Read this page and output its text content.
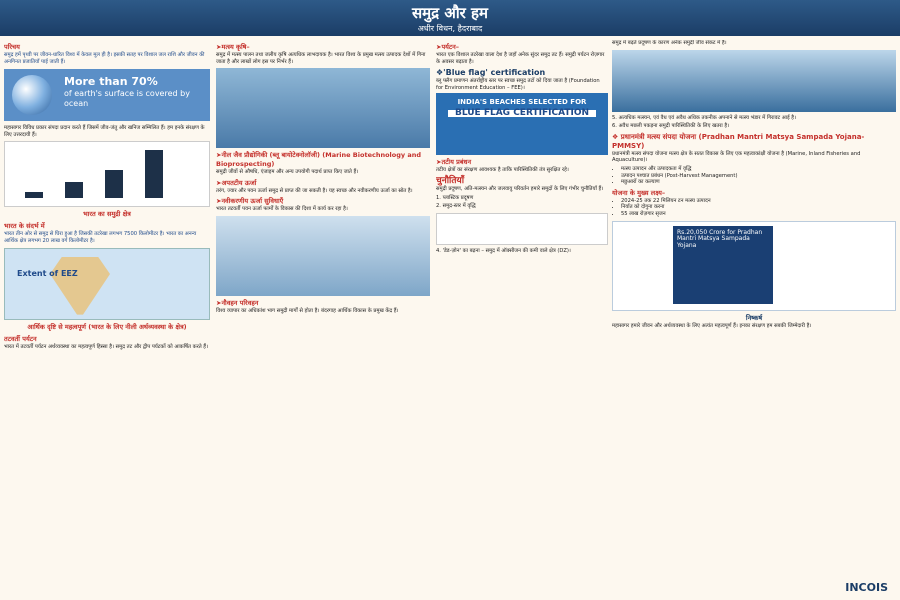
समुद्र और हम
अधीर विधन, हैदराबाद
परिचय

समुद्र हमें पृथ्वी पर जीवन-धारित विश्व में केवल मूल ही है। इसकी सतह पर विशाल जल राशि और जीवन की अनगिनत प्रजातियाँ पाई जाती हैं।

More than 70%
of earth's surface is covered by ocean

महासागर विविध प्रकार संपदा प्रदान करते हैं जिसमें जीव-जंतु और खनिज सम्मिलित हैं। हम इनके संरक्षण के लिए उत्तरदायी हैं।

भारत का समुद्री क्षेत्र
भारत के संदर्भ में

भारत तीन ओर से समुद्र से घिरा हुआ है जिसकी तटरेखा लगभग 7500 किलोमीटर है। भारत का अनन्य आर्थिक क्षेत्र लगभग 20 लाख वर्ग किलोमीटर है।

Extent of EEZ
आर्थिक दृष्टि से महत्वपूर्ण (भारत के लिए नीली अर्थव्यवस्था के क्षेत्र)
तटवर्ती पर्यटन

भारत में तटवर्ती पर्यटन अर्थव्यवस्था का महत्वपूर्ण हिस्सा है। समुद्र तट और द्वीप पर्यटकों को आकर्षित करते हैं।

➤मत्स्य कृषि–

समुद्र में मत्स्य पालन तथा जलीय कृषि अत्यधिक लाभदायक है। भारत विश्व के प्रमुख मत्स्य उत्पादक देशों में गिना जाता है और लाखों लोग इस पर निर्भर हैं।

➤नील जैव प्रौद्योगिकी (ब्लू बायोटेक्नोलॉजी) (Marine Biotechnology and Bioprospecting)

समुद्री जीवों से औषधि, एंजाइम और अन्य उपयोगी पदार्थ प्राप्त किए जाते हैं।

➤अपतटीय ऊर्जा

तरंग, ज्वार और पवन ऊर्जा समुद्र से प्राप्त की जा सकती है। यह स्वच्छ और नवीकरणीय ऊर्जा का स्रोत है।

➤नवीकरणीय ऊर्जा सुविधाएँ

भारत तटवर्ती पवन ऊर्जा फार्मों के विकास की दिशा में कार्य कर रहा है।

➤नौवहन परिवहन

विश्व व्यापार का अधिकांश भाग समुद्री मार्गों से होता है। बंदरगाह आर्थिक विकास के प्रमुख केंद्र हैं।

➤पर्यटन–

भारत एक विशाल तटरेखा वाला देश है जहाँ अनेक सुंदर समुद्र तट हैं। समुद्री पर्यटन रोज़गार के अवसर बढ़ाता है।

❖'Blue flag' certification

ब्लू फ्लैग प्रमाणन अंतर्राष्ट्रीय स्तर पर स्वच्छ समुद्र तटों को दिया जाता है (Foundation for Environment Education – FEE)।

INDIA'S BEACHES SELECTED FOR
BLUE FLAG CERTIFICATION
➤तटीय प्रबंधन

तटीय क्षेत्रों का संरक्षण आवश्यक है ताकि पारिस्थितिकी तंत्र सुरक्षित रहे।

चुनौतियाँ

समुद्री प्रदूषण, अति-मत्स्यन और जलवायु परिवर्तन हमारे समुद्रों के लिए गंभीर चुनौतियाँ हैं।

1. प्लास्टिक प्रदूषण

2. समुद्र-स्तर में वृद्धि

4. 'डेड-ज़ोन' का बढ़ना – समुद्र में ऑक्सीजन की कमी वाले क्षेत्र (DZ)।

समुद्र में बढ़ते प्रदूषण के कारण अनेक समुद्री जीव संकट में हैं।

5. अत्यधिक मत्स्यन, एवं वैध एवं अवैध अधिक तकनीक अपनाने से मत्स्य भंडार में गिरावट आई है।

6. अवैध मछली पकड़ना समुद्री पारिस्थितिकी के लिए खतरा है।

❖ प्रधानमंत्री मत्स्य संपदा योजना (Pradhan Mantri Matsya Sampada Yojana-PMMSY)

प्रधानमंत्री मत्स्य संपदा योजना मत्स्य क्षेत्र के सतत विकास के लिए एक महत्वाकांक्षी योजना है (Marine, Inland Fisheries and Aquaculture)।

• मत्स्य उत्पादन और उत्पादकता में वृद्धि
• उत्पादन पश्चात प्रबंधन (Post-Harvest Management)
• मछुआरों का कल्याण
योजना के मुख्य लक्ष्य–
• 2024-25 तक 22 मिलियन टन मत्स्य उत्पादन
• निर्यात को दोगुना करना
• 55 लाख रोज़गार सृजन
Rs.20,050 Crore for Pradhan Mantri Matsya Sampada Yojana
निष्कर्ष

महासागर हमारे जीवन और अर्थव्यवस्था के लिए अत्यंत महत्वपूर्ण हैं। इनका संरक्षण हम सबकी जिम्मेदारी है।

INCOIS
